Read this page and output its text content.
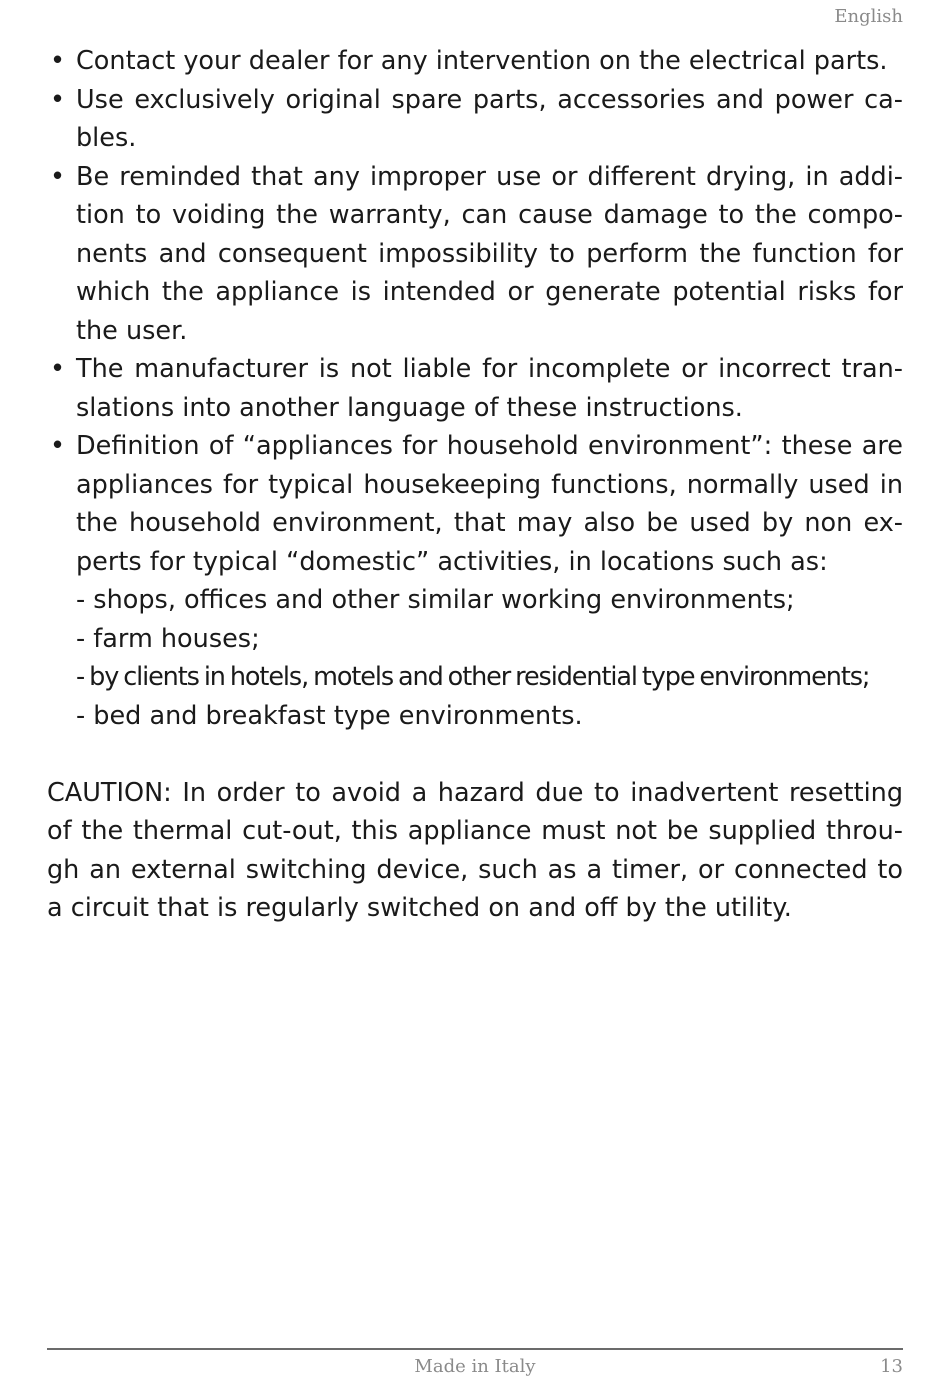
English
• Contact your dealer for any intervention on the electrical parts.
• Use exclusively original spare parts, accessories and power cables.
• Be reminded that any improper use or different drying, in addition to voiding the warranty, can cause damage to the components and consequent impossibility to perform the function for which the appliance is intended or generate potential risks for the user.
• The manufacturer is not liable for incomplete or incorrect translations into another language of these instructions.
• Definition of “appliances for household environment”: these are appliances for typical housekeeping functions, normally used in the household environment, that may also be used by non experts for typical “domestic” activities, in locations such as:
- shops, offices and other similar working environments;
- farm houses;
- by clients in hotels, motels and other residential type environments;
- bed and breakfast type environments.

CAUTION: In order to avoid a hazard due to inadvertent resetting of the thermal cut-out, this appliance must not be supplied through an external switching device, such as a timer, or connected to a circuit that is regularly switched on and off by the utility.

Made in Italy	13
